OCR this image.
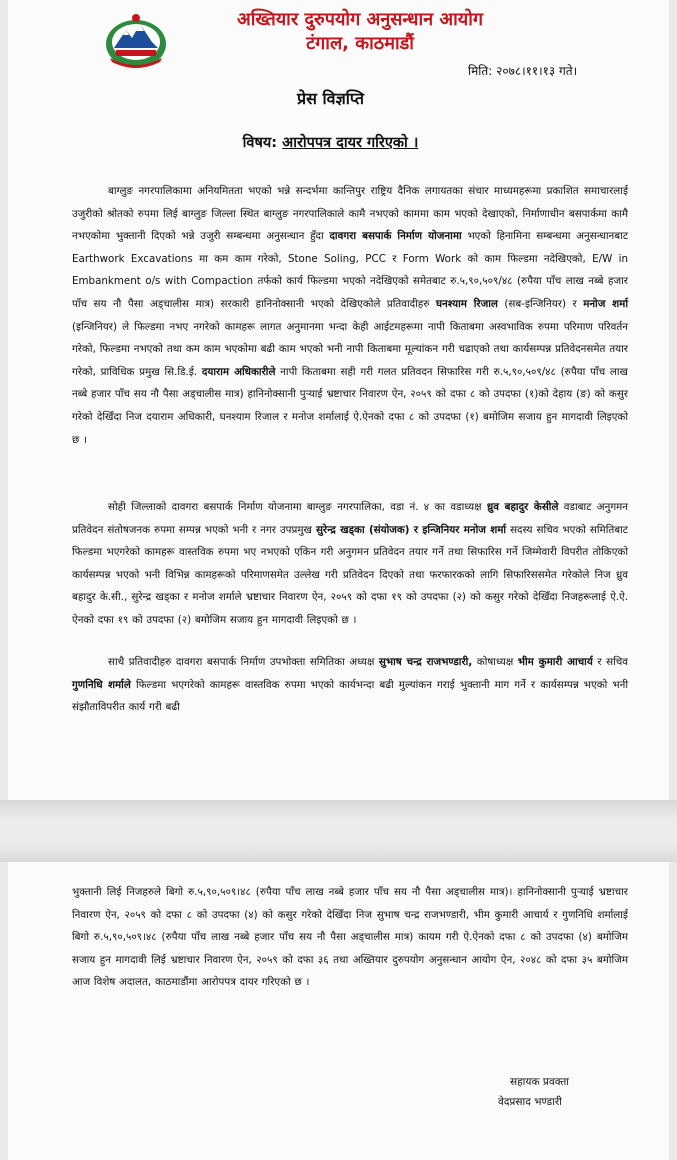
अख्तियार दुरुपयोग अनुसन्धान आयोग
टंगाल, काठमाडौं
मिति: २०७८।११।१३ गते।
प्रेस विज्ञप्ति
विषय: आरोपपत्र दायर गरिएको ।
बाग्लुङ नगरपालिकामा अनियमितता भएको भन्ने सन्दर्भमा कान्तिपुर राष्ट्रिय दैनिक लगायतका संचार माध्यमहरूमा प्रकाशित समाचारलाई उजुरीको श्रोतको रुपमा लिई बाग्लुङ जिल्ला स्थित बाग्लुङ नगरपालिकाले कामै नभएको काममा काम भएको देखाएको, निर्माणाधीन बसपार्कमा कामै नभएकोमा भुक्तानी दिएको भन्ने उजुरी सम्बन्धमा अनुसन्धान हुँदा दावगरा बसपार्क निर्माण योजनामा भएको हिनामिना सम्बन्धमा अनुसन्धानबाट Earthwork Excavations मा कम काम गरेको, Stone Soling, PCC र Form Work को काम फिल्डमा नदेखिएको, E/W in Embankment o/s with Compaction तर्फको कार्य फिल्डमा भएको नदेखिएको समेतबाट रु.५,९०,५०९/४८ (रुपैया पाँच लाख नब्बे हजार पाँच सय नौ पैसा अड्चालीस मात्र) सरकारी हानिनोक्सानी भएको देखिएकोले प्रतिवादीहरु घनश्याम रिजाल (सब-इन्जिनियर) र मनोज शर्मा (इन्जिनियर) ले फिल्डमा नभए नगरेको कामहरू लागत अनुमानमा भन्दा केही आईटमहरूमा नापी किताबमा अस्वभाविक रुपमा परिमाण परिवर्तन गरेको, फिल्डमा नभएको तथा कम काम भएकोमा बढी काम भएको भनी नापी किताबमा मूल्यांकन गरी चढाएको तथा कार्यसम्पन्न प्रतिवेदनसमेत तयार गरेको, प्राविधिक प्रमुख सि.डि.ई. दयाराम अधिकारीले नापी किताबमा सही गरी गलत प्रतिवदन सिफारिस गरी रु.५,९०,५०९/४८ (रुपैया पाँच लाख नब्बे हजार पाँच सय नौ पैसा अड्चालीस मात्र) हानिनोक्सानी पुऱ्याई भ्रष्टाचार निवारण ऐन, २०५९ को दफा ८ को उपदफा (१)को देहाय (ङ) को कसुर गरेको देखिँदा निज दयाराम अधिकारी, घनश्याम रिजाल र मनोज शर्मालाई ऐ.ऐनको दफा ८ को उपदफा (१) बमोजिम सजाय हुन मागदावी लिइएको छ ।
सोही जिल्लाको दावगरा बसपार्क निर्माण योजनामा बाग्लुङ नगरपालिका, वडा नं. ४ का वडाध्यक्ष ध्रुव बहादुर केसीले वडाबाट अनुगमन प्रतिवेदन संतोषजनक रुपमा सम्पन्न भएको भनी र नगर उपप्रमुख सुरेन्द्र खड्का (संयोजक) र इन्जिनियर मनोज शर्मा सदस्य सचिव भएको समितिबाट फिल्डमा भएगरेको कामहरू वास्तविक रुपमा भए नभएको एकिन गरी अनुगमन प्रतिवेदन तयार गर्ने तथा सिफारिस गर्ने जिम्मेवारी विपरीत तोकिएको कार्यसम्पन्न भएको भनी विभिन्न कामहरूको परिमाणसमेत उल्लेख गरी प्रतिवेदन दिएको तथा फरफारकको लागि सिफारिससमेत गरेकोले निज ध्रुव बहादुर के.सी., सुरेन्द्र खड्का र मनोज शर्माले भ्रष्टाचार निवारण ऐन, २०५९ को दफा १९ को उपदफा (२) को कसुर गरेको देखिँदा निजहरूलाई ऐ.ऐ. ऐनको दफा १९ को उपदफा (२) बमोजिम सजाय हुन मागदावी लिइएको छ ।
साथै प्रतिवादीहरु दावगरा बसपार्क निर्माण उपभोक्ता समितिका अध्यक्ष सुभाष चन्द्र राजभण्डारी, कोषाध्यक्ष भीम कुमारी आचार्य र सचिव गुणनिधि शर्माले फिल्डमा भएगरेको कामहरू वास्तविक रुपमा भएको कार्यभन्दा बढी मुल्यांकन गराई भुक्तानी माग गर्ने र कार्यसम्पन्न भएको भनी संझौताविपरीत कार्य गरी बढी
भुक्तानी लिई निजहरुले बिगो रु.५,९०,५०९।४८ (रुपैया पाँच लाख नब्बे हजार पाँच सय नौ पैसा अड्चालीस मात्र)। हानिनोक्सानी पुऱ्याई भ्रष्टाचार निवारण ऐन, २०५९ को दफा ८ को उपदफा (४) को कसुर गरेको देखिँदा निज सुभाष चन्द्र राजभण्डारी, भीम कुमारी आचार्य र गुणनिधि शर्मालाई बिगो रु.५,९०,५०९।४८ (रुपैया पाँच लाख नब्बे हजार पाँच सय नौ पैसा अड्चालीस मात्र) कायम गरी ऐ.ऐनको दफा ८ को उपदफा (४) बमोजिम सजाय हुन मागदावी लिई भ्रष्टाचार निवारण ऐन, २०५९ को दफा ३६ तथा अख्तियार दुरुपयोग अनुसन्धान आयोग ऐन, २०४८ को दफा ३५ बमोजिम आज विशेष अदालत, काठमाडौंमा आरोपपत्र दायर गरिएको छ ।
सहायक प्रवक्ता
वेदप्रसाद भण्डारी
